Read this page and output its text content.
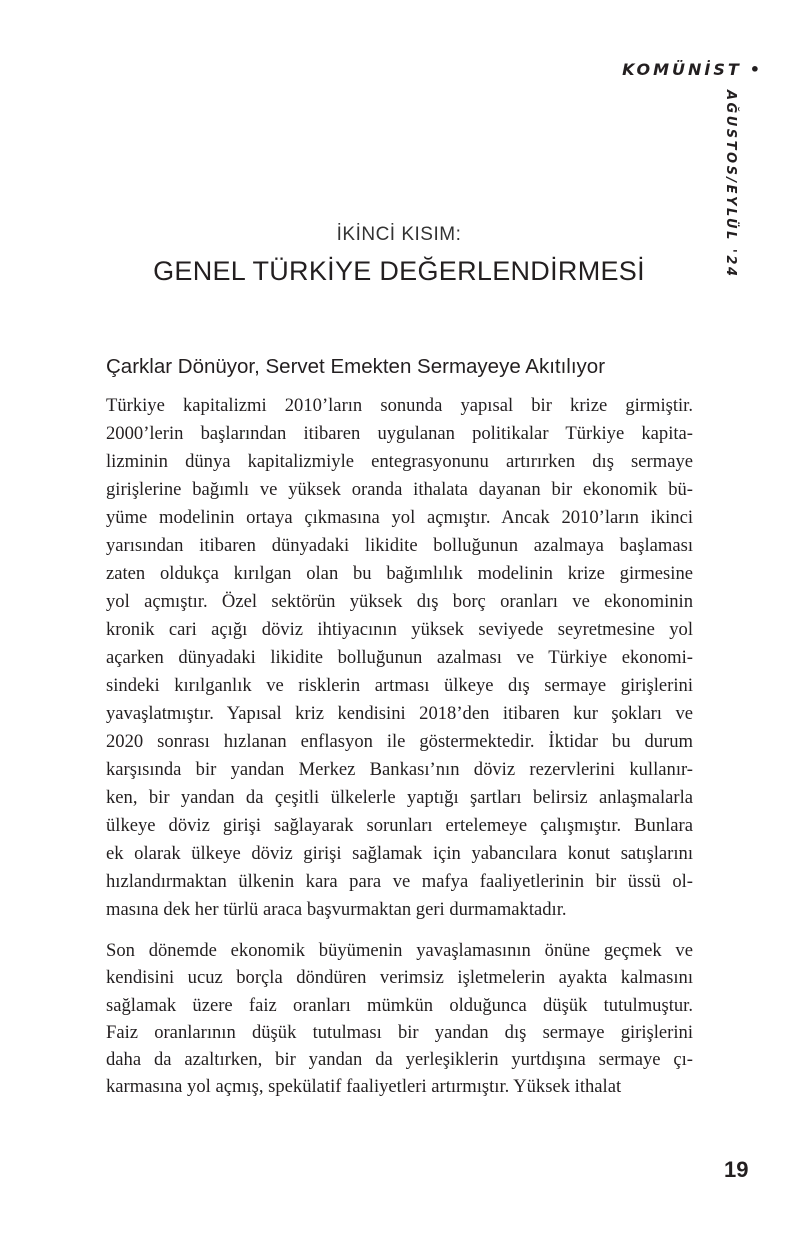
KOMÜNİST •
AĞUSTOS/EYLÜL '24
İKİNCİ KISIM:
GENEL TÜRKİYE DEĞERLENDİRMESİ
Çarklar Dönüyor, Servet Emekten Sermayeye Akıtılıyor
Türkiye kapitalizmi 2010’ların sonunda yapısal bir krize girmiştir.
2000’lerin başlarından itibaren uygulanan politikalar Türkiye kapita-
lizminin dünya kapitalizmiyle entegrasyonunu artırırken dış sermaye
girişlerine bağımlı ve yüksek oranda ithalata dayanan bir ekonomik bü-
yüme modelinin ortaya çıkmasına yol açmıştır. Ancak 2010’ların ikinci
yarısından itibaren dünyadaki likidite bolluğunun azalmaya başlaması
zaten oldukça kırılgan olan bu bağımlılık modelinin krize girmesine
yol açmıştır. Özel sektörün yüksek dış borç oranları ve ekonominin
kronik cari açığı döviz ihtiyacının yüksek seviyede seyretmesine yol
açarken dünyadaki likidite bolluğunun azalması ve Türkiye ekonomi-
sindeki kırılganlık ve risklerin artması ülkeye dış sermaye girişlerini
yavaşlatmıştır. Yapısal kriz kendisini 2018’den itibaren kur şokları ve
2020 sonrası hızlanan enflasyon ile göstermektedir. İktidar bu durum
karşısında bir yandan Merkez Bankası’nın döviz rezervlerini kullanır-
ken, bir yandan da çeşitli ülkelerle yaptığı şartları belirsiz anlaşmalarla
ülkeye döviz girişi sağlayarak sorunları ertelemeye çalışmıştır. Bunlara
ek olarak ülkeye döviz girişi sağlamak için yabancılara konut satışlarını
hızlandırmaktan ülkenin kara para ve mafya faaliyetlerinin bir üssü ol-
masına dek her türlü araca başvurmaktan geri durmamaktadır.
Son dönemde ekonomik büyümenin yavaşlamasının önüne geçmek ve
kendisini ucuz borçla döndüren verimsiz işletmelerin ayakta kalmasını
sağlamak üzere faiz oranları mümkün olduğunca düşük tutulmuştur.
Faiz oranlarının düşük tutulması bir yandan dış sermaye girişlerini
daha da azaltırken, bir yandan da yerleşiklerin yurtdışına sermaye çı-
karmasına yol açmış, spekülatif faaliyetleri artırmıştır. Yüksek ithalat
19
